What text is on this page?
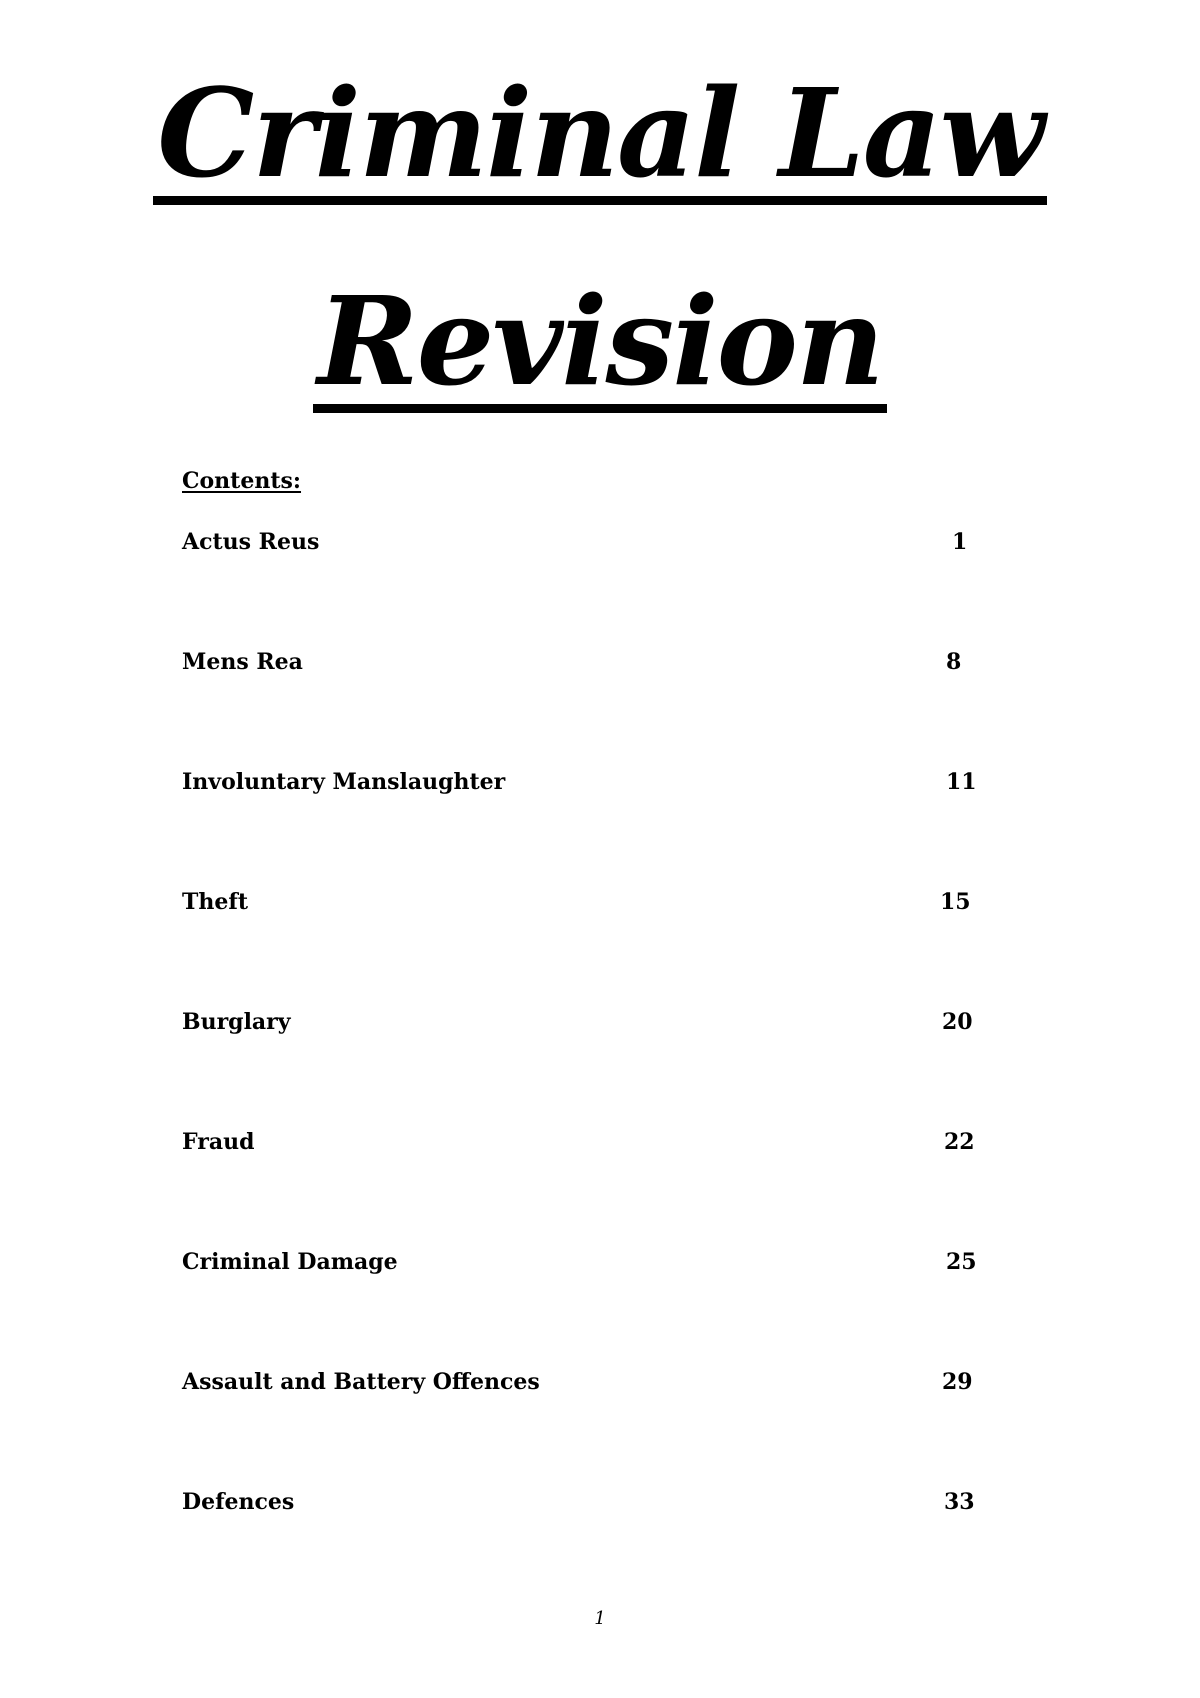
Criminal Law
Revision
Contents:
Actus Reus	1
Mens Rea	8
Involuntary Manslaughter	11
Theft	15
Burglary	20
Fraud	22
Criminal Damage	25
Assault and Battery Offences	29
Defences	33
1
